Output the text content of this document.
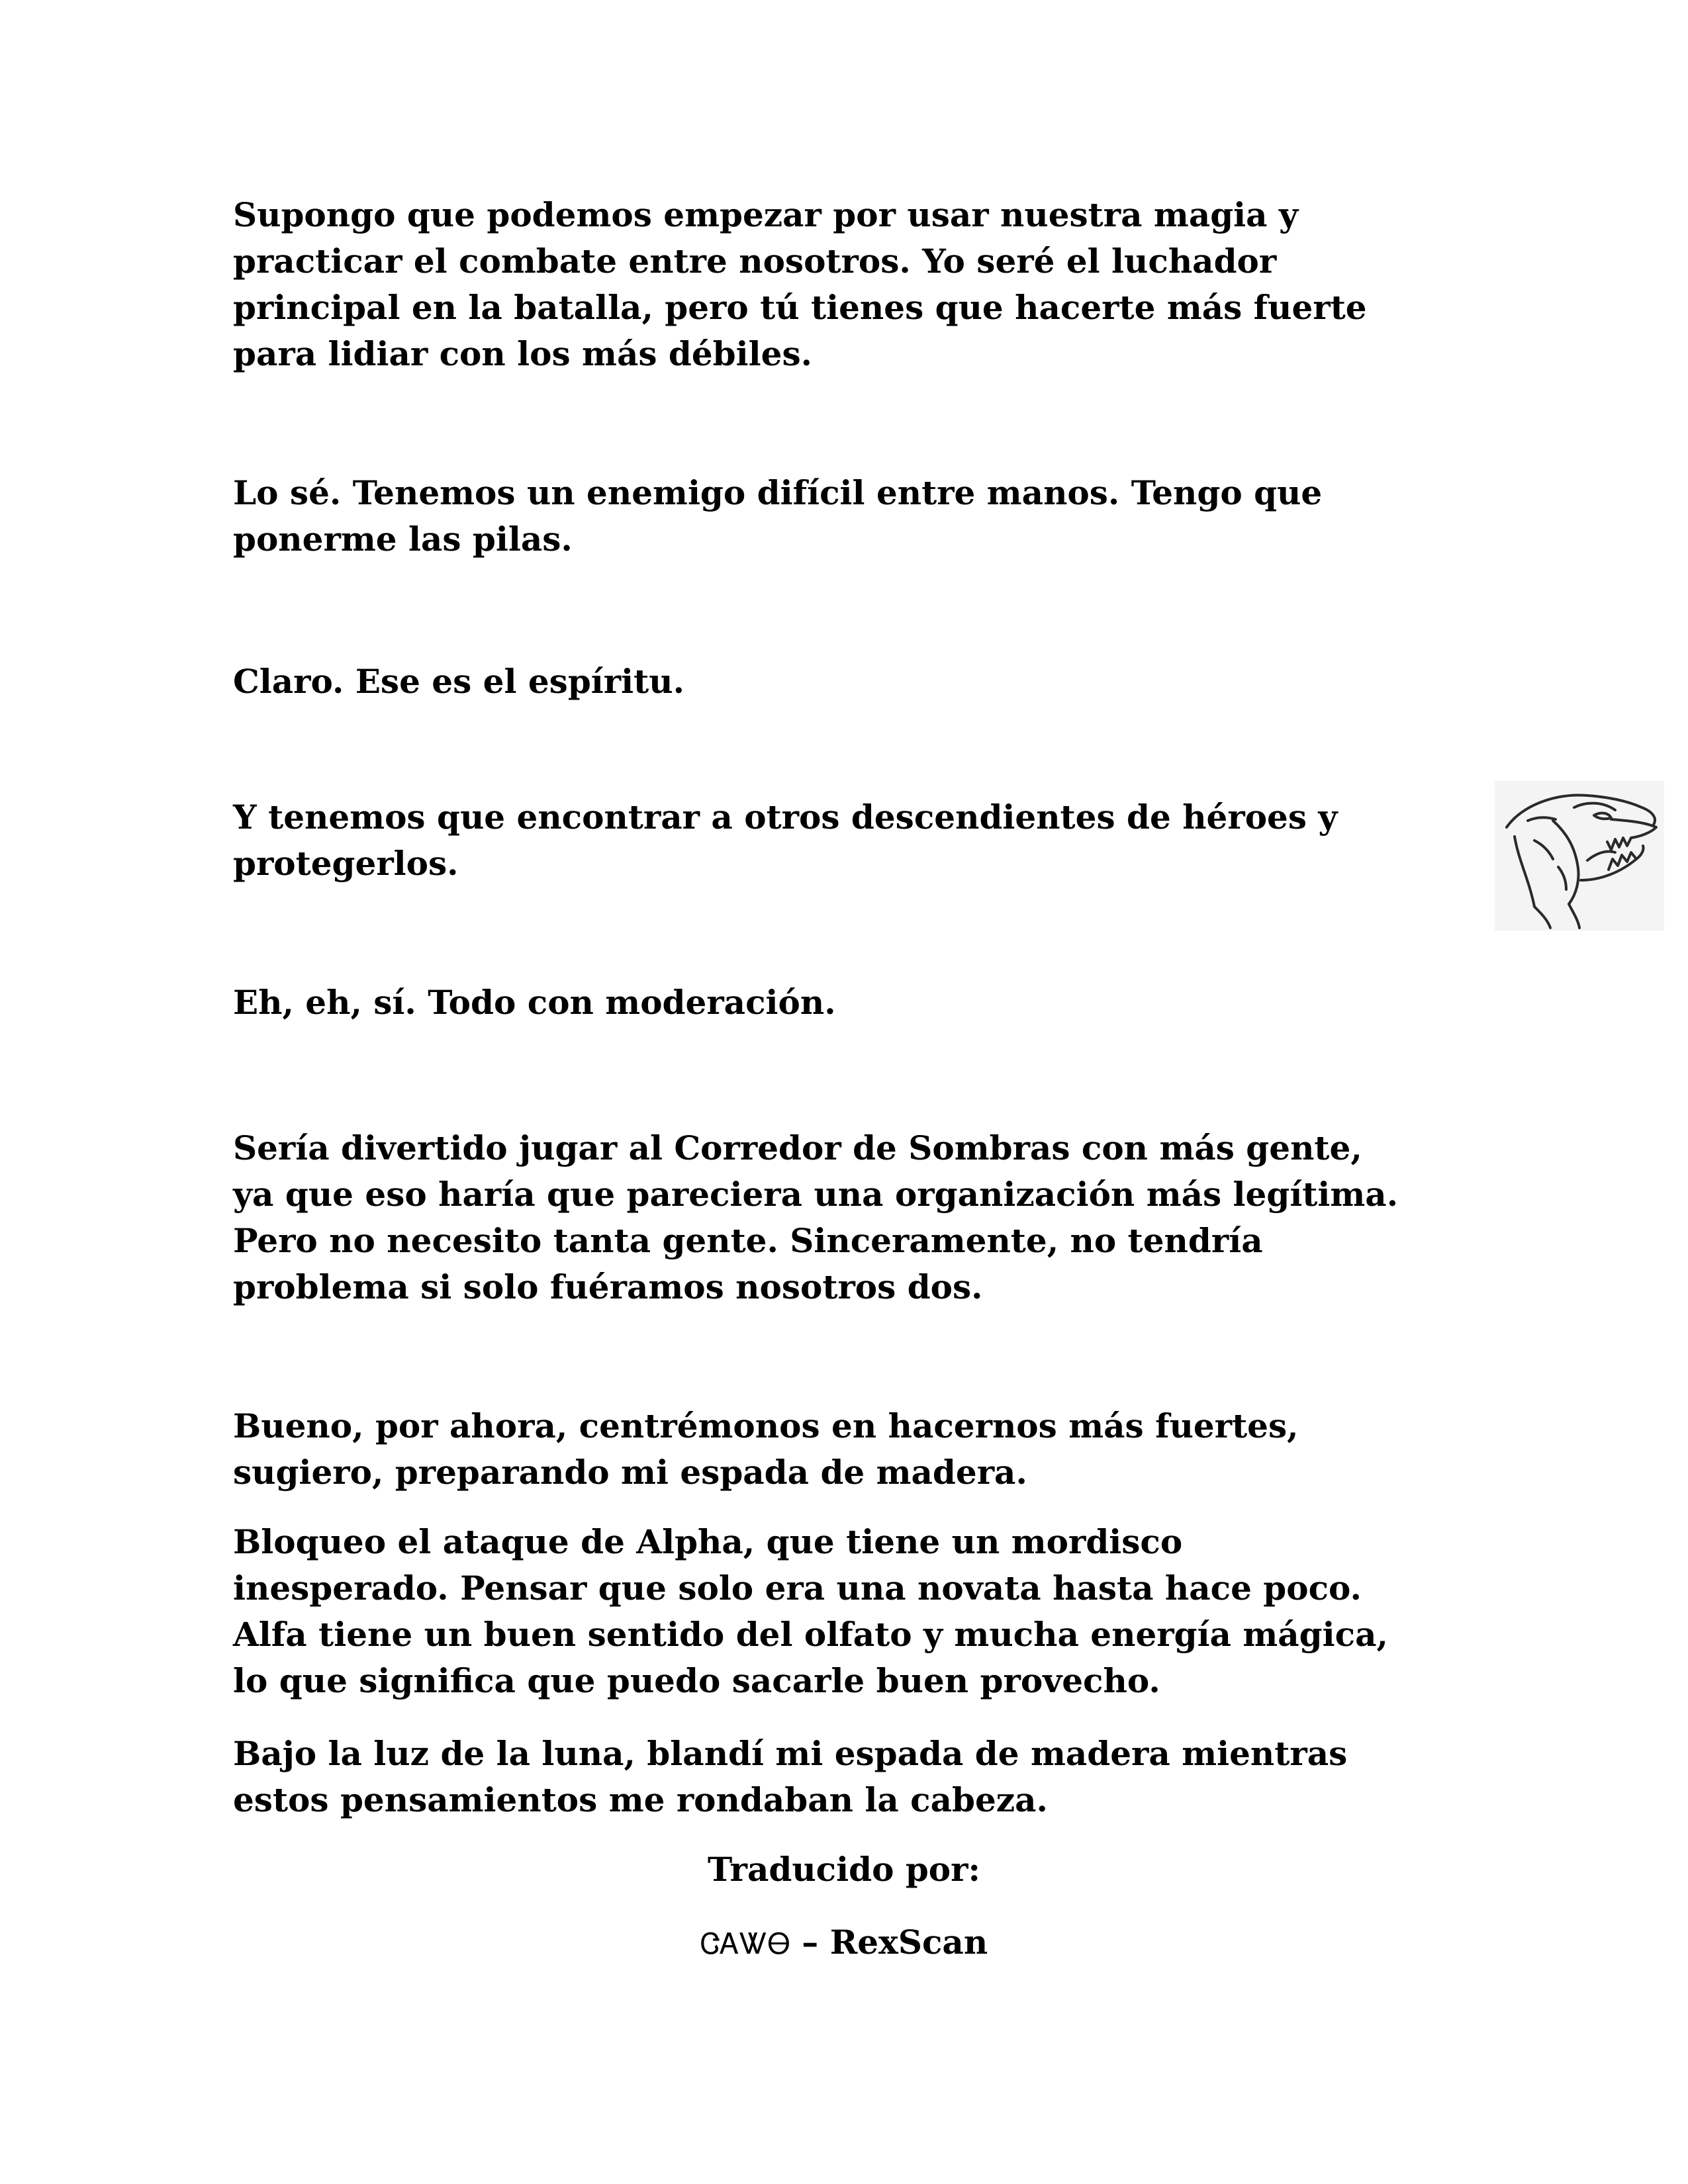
Supongo que podemos empezar por usar nuestra magia y
practicar el combate entre nosotros. Yo seré el luchador
principal en la batalla, pero tú tienes que hacerte más fuerte
para lidiar con los más débiles.

Lo sé. Tenemos un enemigo difícil entre manos. Tengo que
ponerme las pilas.

Claro. Ese es el espíritu.

Y tenemos que encontrar a otros descendientes de héroes y
protegerlos.

Eh, eh, sí. Todo con moderación.

Sería divertido jugar al Corredor de Sombras con más gente,
ya que eso haría que pareciera una organización más legítima.
Pero no necesito tanta gente. Sinceramente, no tendría
problema si solo fuéramos nosotros dos.

Bueno, por ahora, centrémonos en hacernos más fuertes,
sugiero, preparando mi espada de madera.

Bloqueo el ataque de Alpha, que tiene un mordisco
inesperado. Pensar que solo era una novata hasta hace poco.
Alfa tiene un buen sentido del olfato y mucha energía mágica,
lo que significa que puedo sacarle buen provecho.

Bajo la luz de la luna, blandí mi espada de madera mientras
estos pensamientos me rondaban la cabeza.

Traducido por:

ᏣᎪᏔᎾ – RexScan
